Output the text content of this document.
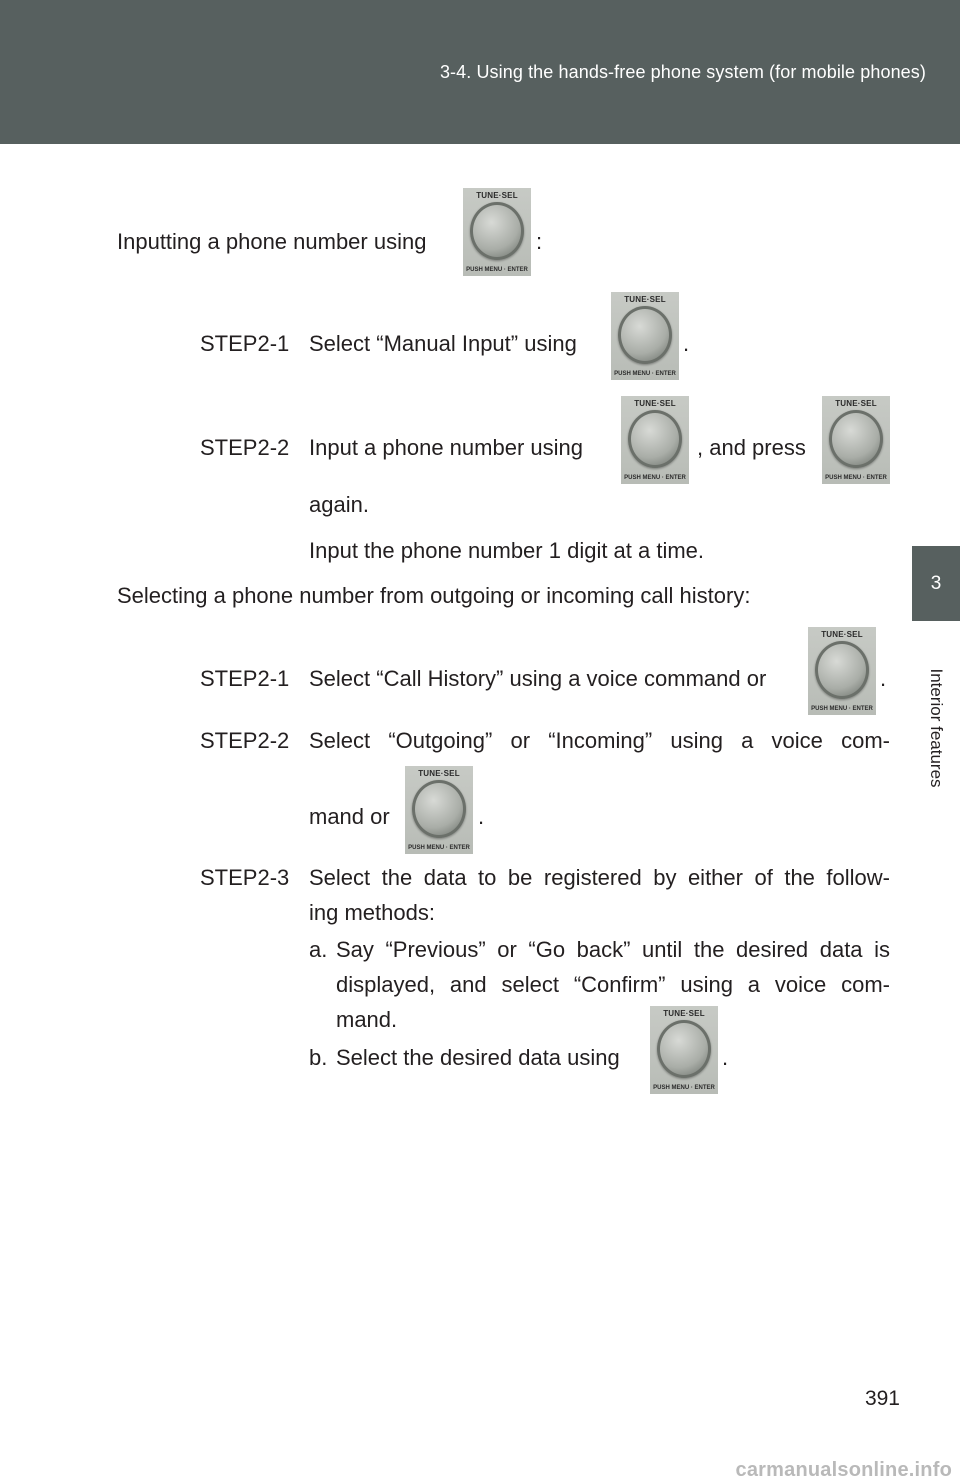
3-4. Using the hands-free phone system (for mobile phones)
3
Interior features
Inputting a phone number using
TUNE·SEL
PUSH MENU · ENTER
:
STEP2-1 Select “Manual Input” using
TUNE·SEL
PUSH MENU · ENTER
.
STEP2-2 Input a phone number using
TUNE·SEL
PUSH MENU · ENTER
, and press
TUNE·SEL
PUSH MENU · ENTER
again.
Input the phone number 1 digit at a time.
Selecting a phone number from outgoing or incoming call history:
STEP2-1 Select “Call History” using a voice command or
TUNE·SEL
PUSH MENU · ENTER
.
STEP2-2 Select “Outgoing” or “Incoming” using a voice com-
mand or
TUNE·SEL
PUSH MENU · ENTER
.
STEP2-3 Select the data to be registered by either of the follow-
ing methods:
a. Say “Previous” or “Go back” until the desired data is
displayed, and select “Confirm” using a voice com-
mand.
b. Select the desired data using
TUNE·SEL
PUSH MENU · ENTER
.
391
carmanualsonline.info
